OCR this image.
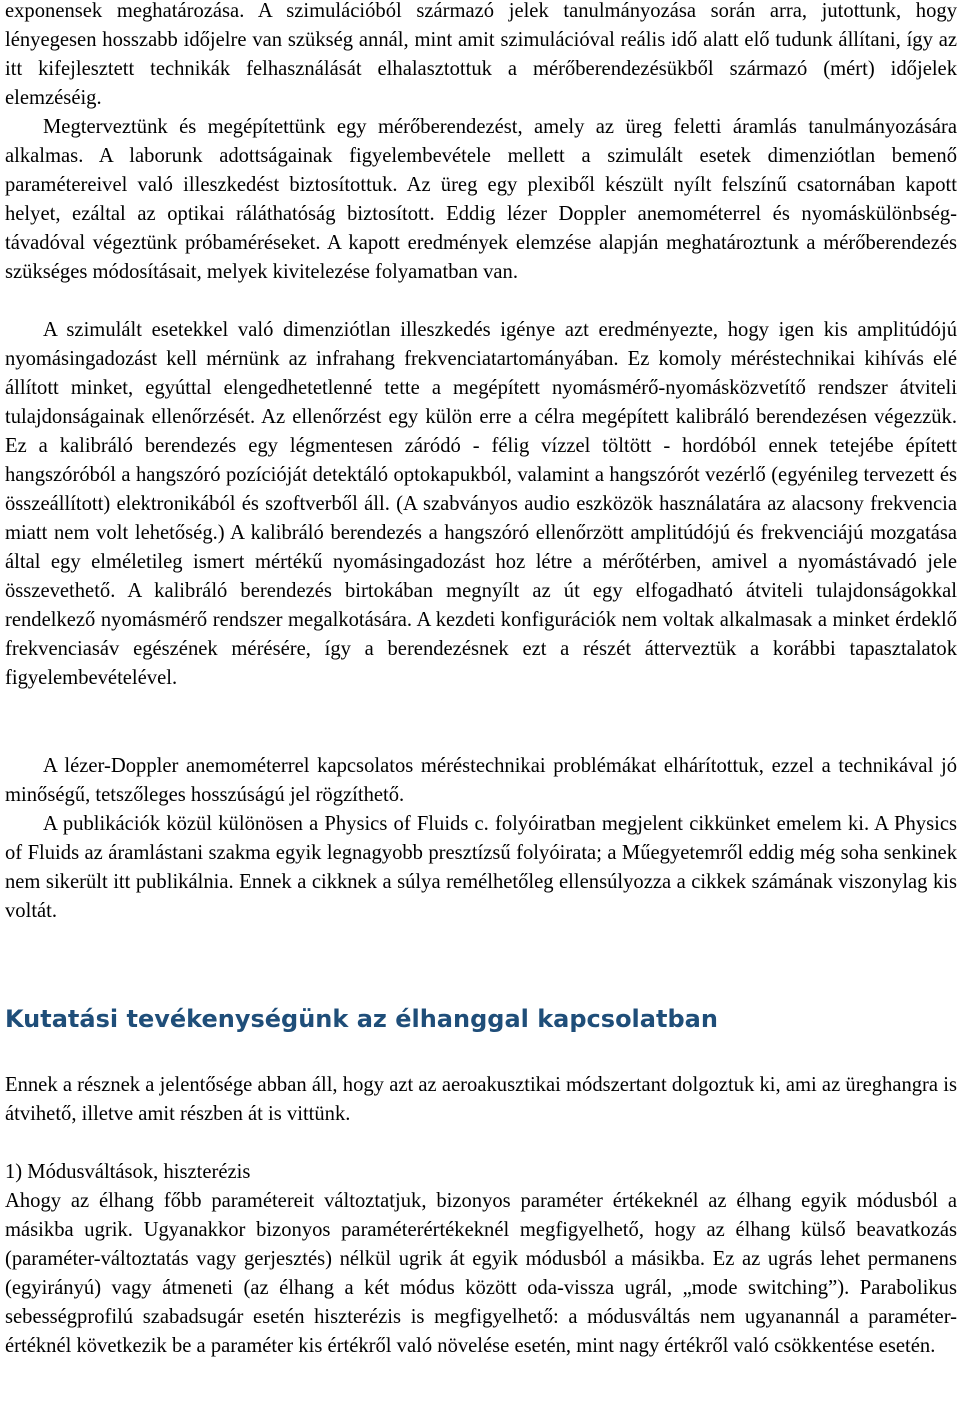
exponensek meghatározása. A szimulációból származó jelek tanulmányozása során arra, jutottunk, hogy lényegesen hosszabb időjelre van szükség annál, mint amit szimulációval reális idő alatt elő tudunk állítani, így az itt kifejlesztett technikák felhasználását elhalasztottuk a mérőberendezésükből származó (mért) időjelek elemzéséig.

Megterveztünk és megépítettünk egy mérőberendezést, amely az üreg feletti áramlás tanulmányozására alkalmas. A laborunk adottságainak figyelembevétele mellett a szimulált esetek dimenziótlan bemenő paramétereivel való illeszkedést biztosítottuk. Az üreg egy plexiből készült nyílt felszínű csatornában kapott helyet, ezáltal az optikai ráláthatóság biztosított. Eddig lézer Doppler anemométerrel és nyomáskülönbség-távadóval végeztünk próbaméréseket. A kapott eredmények elemzése alapján meghatároztunk a mérőberendezés szükséges módosításait, melyek kivitelezése folyamatban van.

A szimulált esetekkel való dimenziótlan illeszkedés igénye azt eredményezte, hogy igen kis amplitúdójú nyomásingadozást kell mérnünk az infrahang frekvenciatartományában. Ez komoly méréstechnikai kihívás elé állított minket, egyúttal elengedhetetlenné tette a megépített nyomásmérő-nyomásközvetítő rendszer átviteli tulajdonságainak ellenőrzését. Az ellenőrzést egy külön erre a célra megépített kalibráló berendezésen végezzük. Ez a kalibráló berendezés egy légmentesen záródó - félig vízzel töltött - hordóból ennek tetejébe épített hangszóróból a hangszóró pozícióját detektáló optokapukból, valamint a hangszórót vezérlő (egyénileg tervezett és összeállított) elektronikából és szoftverből áll. (A szabványos audio eszközök használatára az alacsony frekvencia miatt nem volt lehetőség.) A kalibráló berendezés a hangszóró ellenőrzött amplitúdójú és frekvenciájú mozgatása által egy elméletileg ismert mértékű nyomásingadozást hoz létre a mérőtérben, amivel a nyomástávadó jele összevethető. A kalibráló berendezés birtokában megnyílt az út egy elfogadható átviteli tulajdonságokkal rendelkező nyomásmérő rendszer megalkotására. A kezdeti konfigurációk nem voltak alkalmasak a minket érdeklő frekvenciasáv egészének mérésére, így a berendezésnek ezt a részét átterveztük a korábbi tapasztalatok figyelembevételével.

A lézer-Doppler anemométerrel kapcsolatos méréstechnikai problémákat elhárítottuk, ezzel a technikával jó minőségű, tetszőleges hosszúságú jel rögzíthető.

A publikációk közül különösen a Physics of Fluids c. folyóiratban megjelent cikkünket emelem ki. A Physics of Fluids az áramlástani szakma egyik legnagyobb presztízsű folyóirata; a Műegyetemről eddig még soha senkinek nem sikerült itt publikálnia. Ennek a cikknek a súlya remélhetőleg ellensúlyozza a cikkek számának viszonylag kis voltát.

Kutatási tevékenységünk az élhanggal kapcsolatban

Ennek a résznek a jelentősége abban áll, hogy azt az aeroakusztikai módszertant dolgoztuk ki, ami az üreghangra is átvihető, illetve amit részben át is vittünk.

1) Módusváltások, hiszterézis

Ahogy az élhang főbb paramétereit változtatjuk, bizonyos paraméter értékeknél az élhang egyik módusból a másikba ugrik. Ugyanakkor bizonyos paraméterértékeknél megfigyelhető, hogy az élhang külső beavatkozás (paraméter-változtatás vagy gerjesztés) nélkül ugrik át egyik módusból a másikba. Ez az ugrás lehet permanens (egyirányú) vagy átmeneti (az élhang a két módus között oda-vissza ugrál, „mode switching”). Parabolikus sebességprofilú szabadsugár esetén hiszterézis is megfigyelhető: a módusváltás nem ugyanannál a paraméter-értéknél következik be a paraméter kis értékről való növelése esetén, mint nagy értékről való csökkentése esetén.
